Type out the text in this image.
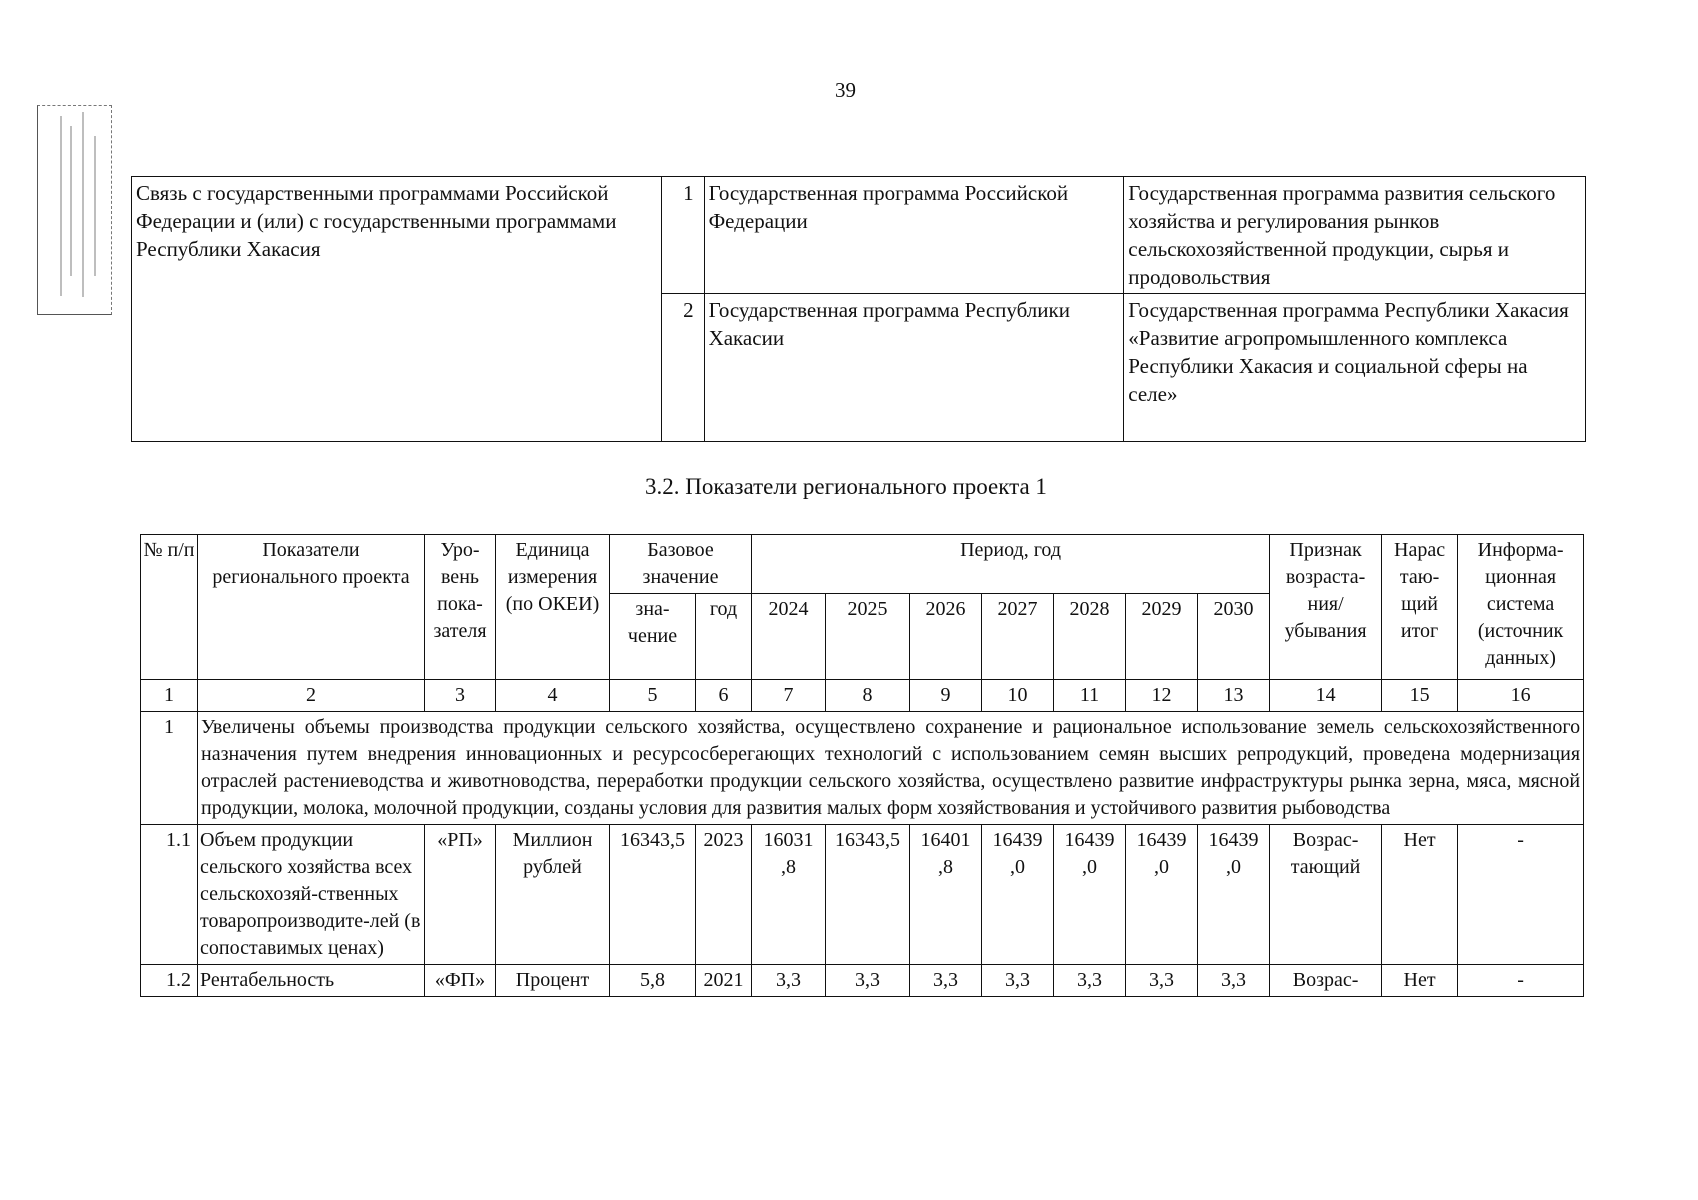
39
Связь с государственными программами Российской Федерации и (или) с государственными программами Республики Хакасия	1	Государственная программа Российской Федерации	Государственная программа развития сельского хозяйства и регулирования рынков сельскохозяйственной продукции, сырья и продовольствия
	2	Государственная программа Республики Хакасии	Государственная программа Республики Хакасия «Развитие агропромышленного комплекса Республики Хакасия и социальной сферы на селе»
3.2. Показатели регионального проекта 1
№ п/п	Показатели регионального проекта	Уро-вень пока-зателя	Единица измерения (по ОКЕИ)	Базовое значение		Период, год							Признак возраста-ния/ убывания	Нарас таю-щий итог	Информа-ционная система (источник данных)
				зна-чение	год	2024	2025	2026	2027	2028	2029	2030			
1	2	3	4	5	6	7	8	9	10	11	12	13	14	15	16
1	Увеличены объемы производства продукции сельского хозяйства, осуществлено сохранение и рациональное использование земель сельскохозяйственного назначения путем внедрения инновационных и ресурсосберегающих технологий с использованием семян высших репродукций, проведена модернизация отраслей растениеводства и животноводства, переработки продукции сельского хозяйства, осуществлено развитие инфраструктуры рынка зерна, мяса, мясной продукции, молока, молочной продукции, созданы условия для развития малых форм хозяйствования и устойчивого развития рыбоводства														
1.1	Объем продукции сельского хозяйства всех сельскохозяй-ственных товаропроизводите-лей (в сопоставимых ценах)	«РП»	Миллион рублей	16343,5	2023	16031 ,8	16343,5	16401 ,8	16439 ,0	16439 ,0	16439 ,0	16439 ,0	Возрас-тающий	Нет	-
1.2	Рентабельность	«ФП»	Процент	5,8	2021	3,3	3,3	3,3	3,3	3,3	3,3	3,3	Возрас-	Нет	-
